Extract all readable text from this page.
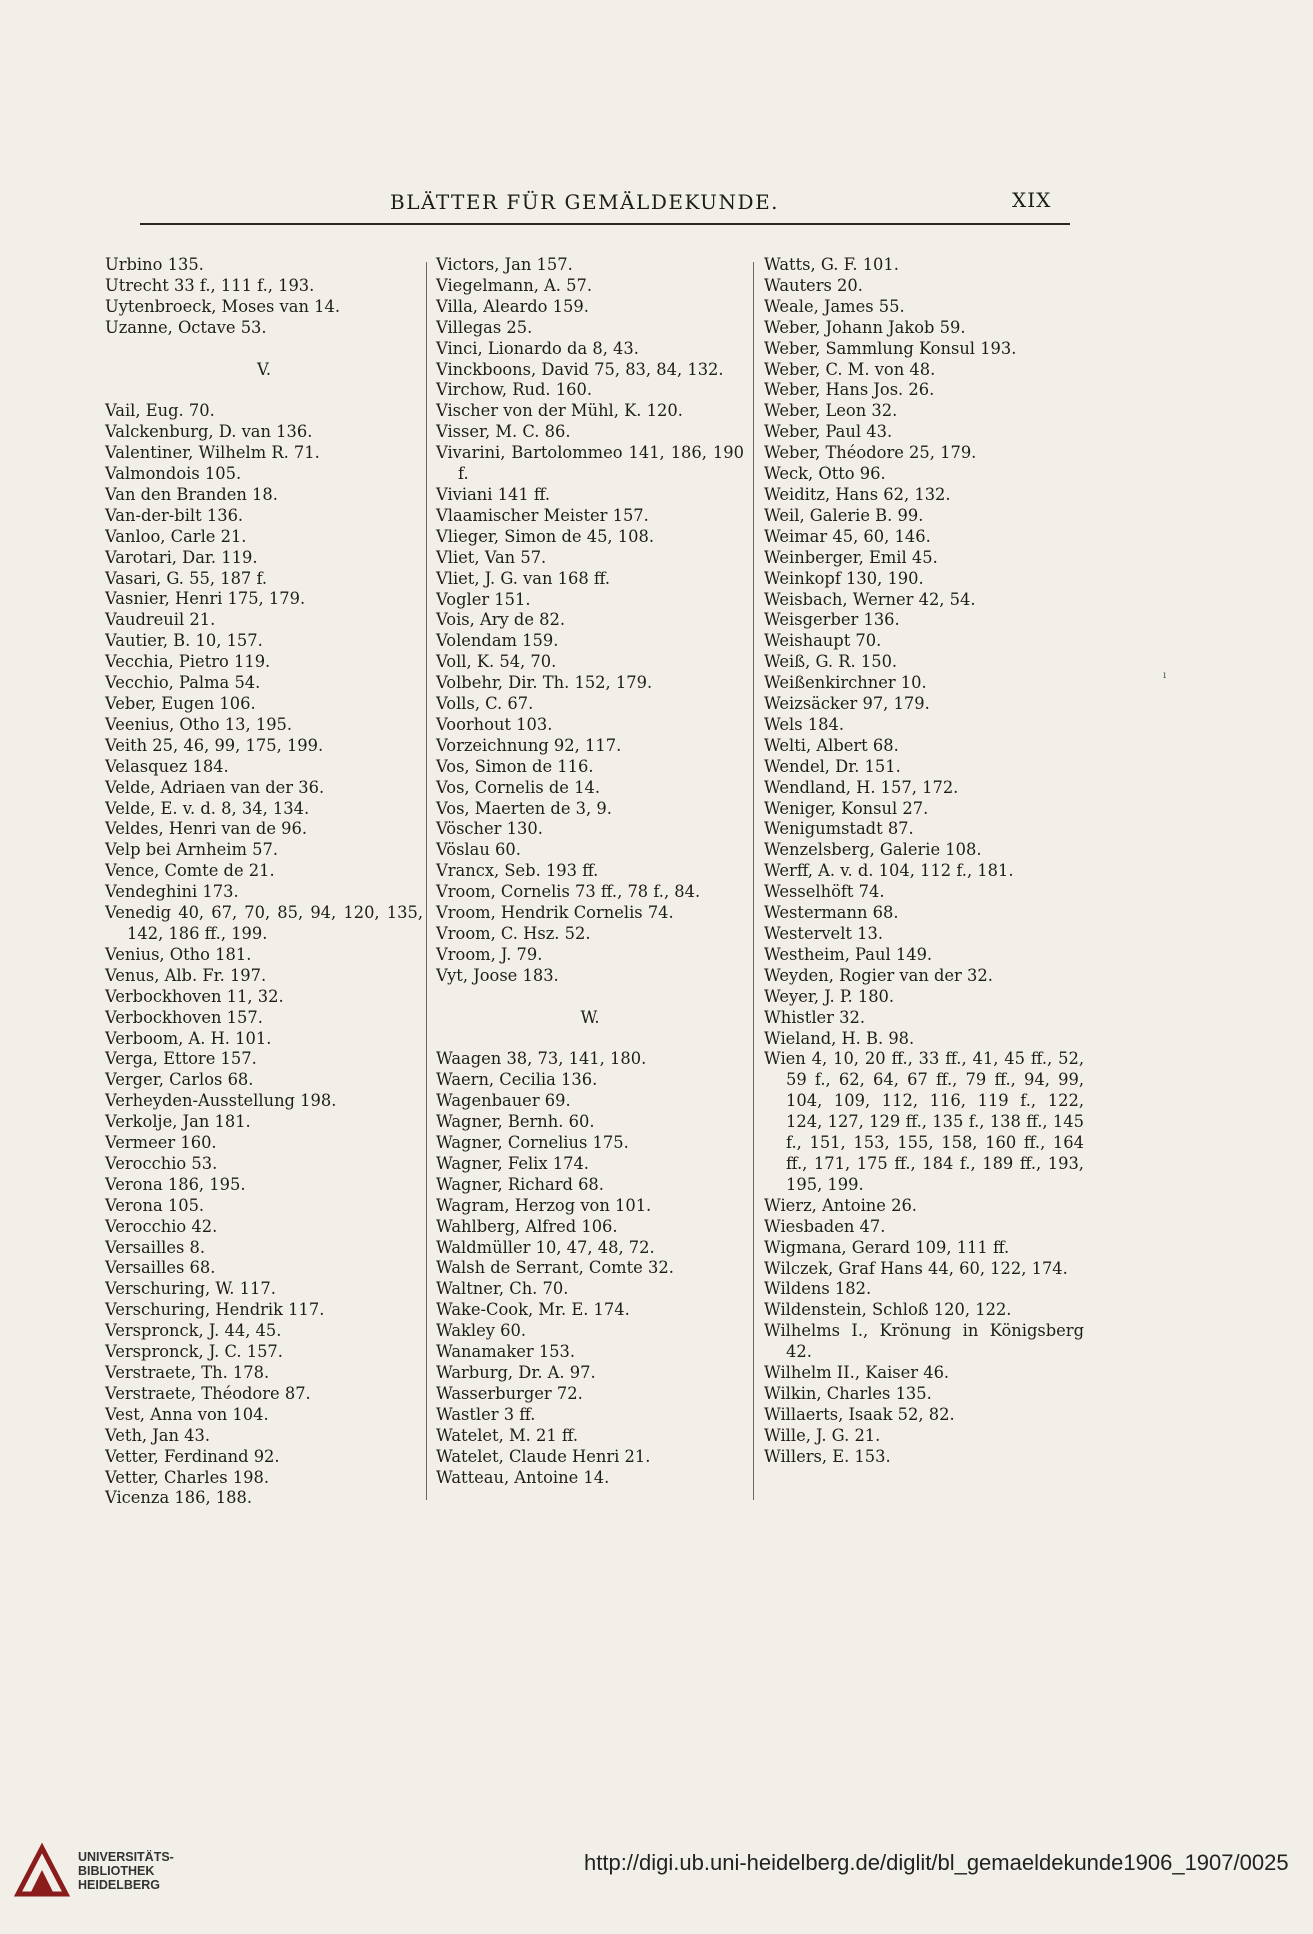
BLÄTTER FÜR GEMÄLDEKUNDE.	XIX
Urbino 135.
Utrecht 33 f., 111 f., 193.
Uytenbroeck, Moses van 14.
Uzanne, Octave 53.
V.
Vail, Eug. 70.
Valckenburg, D. van 136.
Valentiner, Wilhelm R. 71.
Valmondois 105.
Van den Branden 18.
Van-der-bilt 136.
Vanloo, Carle 21.
Varotari, Dar. 119.
Vasari, G. 55, 187 f.
Vasnier, Henri 175, 179.
Vaudreuil 21.
Vautier, B. 10, 157.
Vecchia, Pietro 119.
Vecchio, Palma 54.
Veber, Eugen 106.
Veenius, Otho 13, 195.
Veith 25, 46, 99, 175, 199.
Velasquez 184.
Velde, Adriaen van der 36.
Velde, E. v. d. 8, 34, 134.
Veldes, Henri van de 96.
Velp bei Arnheim 57.
Vence, Comte de 21.
Vendeghini 173.
Venedig 40, 67, 70, 85, 94, 120, 135, 142, 186 ff., 199.
Venius, Otho 181.
Venus, Alb. Fr. 197.
Verbockhoven 11, 32.
Verbockhoven 157.
Verboom, A. H. 101.
Verga, Ettore 157.
Verger, Carlos 68.
Verheyden-Ausstellung 198.
Verkolje, Jan 181.
Vermeer 160.
Verocchio 53.
Verona 186, 195.
Verona 105.
Verocchio 42.
Versailles 8.
Versailles 68.
Verschuring, W. 117.
Verschuring, Hendrik 117.
Verspronck, J. 44, 45.
Verspronck, J. C. 157.
Verstraete, Th. 178.
Verstraete, Théodore 87.
Vest, Anna von 104.
Veth, Jan 43.
Vetter, Ferdinand 92.
Vetter, Charles 198.
Vicenza 186, 188.
Victors, Jan 157.
Viegelmann, A. 57.
Villa, Aleardo 159.
Villegas 25.
Vinci, Lionardo da 8, 43.
Vinckboons, David 75, 83, 84, 132.
Virchow, Rud. 160.
Vischer von der Mühl, K. 120.
Visser, M. C. 86.
Vivarini, Bartolommeo 141, 186, 190 f.
Viviani 141 ff.
Vlaamischer Meister 157.
Vlieger, Simon de 45, 108.
Vliet, Van 57.
Vliet, J. G. van 168 ff.
Vogler 151.
Vois, Ary de 82.
Volendam 159.
Voll, K. 54, 70.
Volbehr, Dir. Th. 152, 179.
Volls, C. 67.
Voorhout 103.
Vorzeichnung 92, 117.
Vos, Simon de 116.
Vos, Cornelis de 14.
Vos, Maerten de 3, 9.
Vöscher 130.
Vöslau 60.
Vrancx, Seb. 193 ff.
Vroom, Cornelis 73 ff., 78 f., 84.
Vroom, Hendrik Cornelis 74.
Vroom, C. Hsz. 52.
Vroom, J. 79.
Vyt, Joose 183.
W.
Waagen 38, 73, 141, 180.
Waern, Cecilia 136.
Wagenbauer 69.
Wagner, Bernh. 60.
Wagner, Cornelius 175.
Wagner, Felix 174.
Wagner, Richard 68.
Wagram, Herzog von 101.
Wahlberg, Alfred 106.
Waldmüller 10, 47, 48, 72.
Walsh de Serrant, Comte 32.
Waltner, Ch. 70.
Wake-Cook, Mr. E. 174.
Wakley 60.
Wanamaker 153.
Warburg, Dr. A. 97.
Wasserburger 72.
Wastler 3 ff.
Watelet, M. 21 ff.
Watelet, Claude Henri 21.
Watteau, Antoine 14.
Watts, G. F. 101.
Wauters 20.
Weale, James 55.
Weber, Johann Jakob 59.
Weber, Sammlung Konsul 193.
Weber, C. M. von 48.
Weber, Hans Jos. 26.
Weber, Leon 32.
Weber, Paul 43.
Weber, Théodore 25, 179.
Weck, Otto 96.
Weiditz, Hans 62, 132.
Weil, Galerie B. 99.
Weimar 45, 60, 146.
Weinberger, Emil 45.
Weinkopf 130, 190.
Weisbach, Werner 42, 54.
Weisgerber 136.
Weishaupt 70.
Weiß, G. R. 150.
Weißenkirchner 10.
Weizsäcker 97, 179.
Wels 184.
Welti, Albert 68.
Wendel, Dr. 151.
Wendland, H. 157, 172.
Weniger, Konsul 27.
Wenigumstadt 87.
Wenzelsberg, Galerie 108.
Werff, A. v. d. 104, 112 f., 181.
Wesselhöft 74.
Westermann 68.
Westervelt 13.
Westheim, Paul 149.
Weyden, Rogier van der 32.
Weyer, J. P. 180.
Whistler 32.
Wieland, H. B. 98.
Wien 4, 10, 20 ff., 33 ff., 41, 45 ff., 52, 59 f., 62, 64, 67 ff., 79 ff., 94, 99, 104, 109, 112, 116, 119 f., 122, 124, 127, 129 ff., 135 f., 138 ff., 145 f., 151, 153, 155, 158, 160 ff., 164 ff., 171, 175 ff., 184 f., 189 ff., 193, 195, 199.
Wierz, Antoine 26.
Wiesbaden 47.
Wigmana, Gerard 109, 111 ff.
Wilczek, Graf Hans 44, 60, 122, 174.
Wildens 182.
Wildenstein, Schloß 120, 122.
Wilhelms I., Krönung in Königsberg 42.
Wilhelm II., Kaiser 46.
Wilkin, Charles 135.
Willaerts, Isaak 52, 82.
Wille, J. G. 21.
Willers, E. 153.
ı
UNIVERSITÄTS-
BIBLIOTHEK
HEIDELBERG
http://digi.ub.uni-heidelberg.de/diglit/bl_gemaeldekunde1906_1907/0025
